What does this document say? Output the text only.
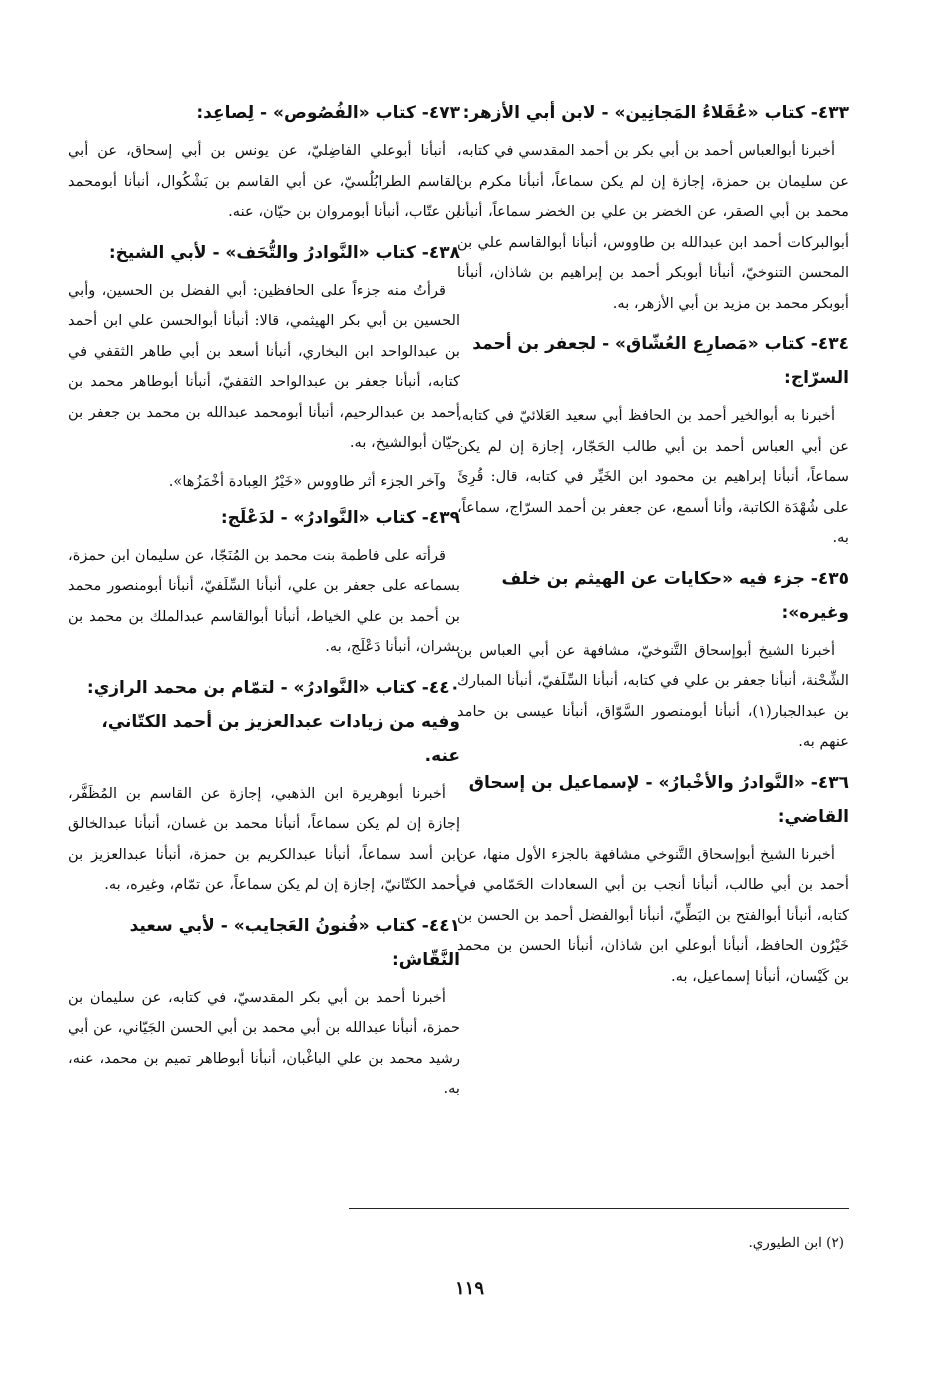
٤٣٣- كتاب «عُقَلاءُ المَجانِين» - لابن أبي الأزهر:

أخبرنا أبوالعباس أحمد بن أبي بكر بن أحمد المقدسي في كتابه، عن سليمان بن حمزة، إجازة إن لم يكن سماعاً، أنبأنا مكرم بن محمد بن أبي الصقر، عن الخضر بن علي بن الخضر سماعاً، أنبأنا أبوالبركات أحمد ابن عبدالله بن طاووس، أنبأنا أبوالقاسم علي بن المحسن التنوخيّ، أنبأنا أبوبكر أحمد بن إبراهيم بن شاذان، أنبأنا أبوبكر محمد بن مزيد بن أبي الأزهر، به.

٤٣٤- كتاب «مَصارِع العُشّاق» - لجعفر بن أحمد السرّاج:

أخبرنا به أبوالخير أحمد بن الحافظ أبي سعيد العَلائيّ في كتابه، عن أبي العباس أحمد بن أبي طالب الحَجّار، إجازة إن لم يكن سماعاً، أنبأنا إبراهيم بن محمود ابن الخَيِّر في كتابه، قال: قُرِئَ على شُهْدَة الكاتبة، وأنا أسمع، عن جعفر بن أحمد السرّاج، سماعاً، به.

٤٣٥- جزء فيه «حكايات عن الهيثم بن خلف وغيره»:

أخبرنا الشيخ أبوإسحاق التَّنوخيّ، مشافهة عن أبي العباس بن الشِّحْنة، أنبأنا جعفر بن علي في كتابه، أنبأنا السِّلَفيّ، أنبأنا المبارك بن عبدالجبار(١)، أنبأنا أبومنصور السَّوّاق، أنبأنا عيسى بن حامد عنهم به.

٤٣٦- «النَّوادرُ والأخْبارُ» - لإسماعيل بن إسحاق القاضي:

أخبرنا الشيخ أبوإسحاق التَّنوخي مشافهة بالجزء الأول منها، عن أحمد بن أبي طالب، أنبأنا أنجب بن أبي السعادات الحَمّامي في كتابه، أنبأنا أبوالفتح بن البَطِّيّ، أنبأنا أبوالفضل أحمد بن الحسن بن خَيْرُون الحافظ، أنبأنا أبوعلي ابن شاذان، أنبأنا الحسن بن محمد بن كَيْسان، أنبأنا إسماعيل، به.

٤٧٣- كتاب «الفُصُوص» - لِصاعِد:

أنبأنا أبوعلي الفاضِليّ، عن يونس بن أبي إسحاق، عن أبي القاسم الطرابُلُسيّ، عن أبي القاسم بن بَشْكُوال، أنبأنا أبومحمد بن عتّاب، أنبأنا أبومروان بن حيّان، عنه.

٤٣٨- كتاب «النَّوادرُ والتُّحَف» - لأبي الشيخ:

قرأتُ منه جزءاً على الحافظين: أبي الفضل بن الحسين، وأبي الحسين بن أبي بكر الهيثمي، قالا: أنبأنا أبوالحسن علي ابن أحمد بن عبدالواحد ابن البخاري، أنبأنا أسعد بن أبي طاهر الثقفي في كتابه، أنبأنا جعفر بن عبدالواحد الثقفيّ، أنبأنا أبوطاهر محمد بن أحمد بن عبدالرحيم، أنبأنا أبومحمد عبدالله بن محمد بن جعفر بن حيّان أبوالشيخ، به.

وآخر الجزء أثر طاووس «خَيْرُ العِبادة أخْمَزُها».

٤٣٩- كتاب «النَّوادرُ» - لدَعْلَج:

قرأته على فاطمة بنت محمد بن المُنَجّا، عن سليمان ابن حمزة، بسماعه على جعفر بن علي، أنبأنا السِّلَفيّ، أنبأنا أبومنصور محمد بن أحمد بن علي الخياط، أنبأنا أبوالقاسم عبدالملك بن محمد بن بشران، أنبأنا دَعْلَج، به.

٤٤٠- كتاب «النَّوادرُ» - لتمّام بن محمد الرازي: وفيه من زيادات عبدالعزيز بن أحمد الكتّاني، عنه.

أخبرنا أبوهريرة ابن الذهبي، إجازة عن القاسم بن المُظَفَّر، إجازة إن لم يكن سماعاً، أنبأنا محمد بن غسان، أنبأنا عبدالخالق ابن أسد سماعاً، أنبأنا عبدالكريم بن حمزة، أنبأنا عبدالعزيز بن أحمد الكتّانيّ، إجازة إن لم يكن سماعاً، عن تمّام، وغيره، به.

٤٤١- كتاب «فُنونُ العَجايب» - لأبي سعيد النَّقّاش:

أخبرنا أحمد بن أبي بكر المقدسيّ، في كتابه، عن سليمان بن حمزة، أنبأنا عبدالله بن أبي محمد بن أبي الحسن الجَيّاني، عن أبي رشيد محمد بن علي الباغْبان، أنبأنا أبوطاهر تميم بن محمد، عنه، به.

(٢) ابن الطيوري.
١١٩
